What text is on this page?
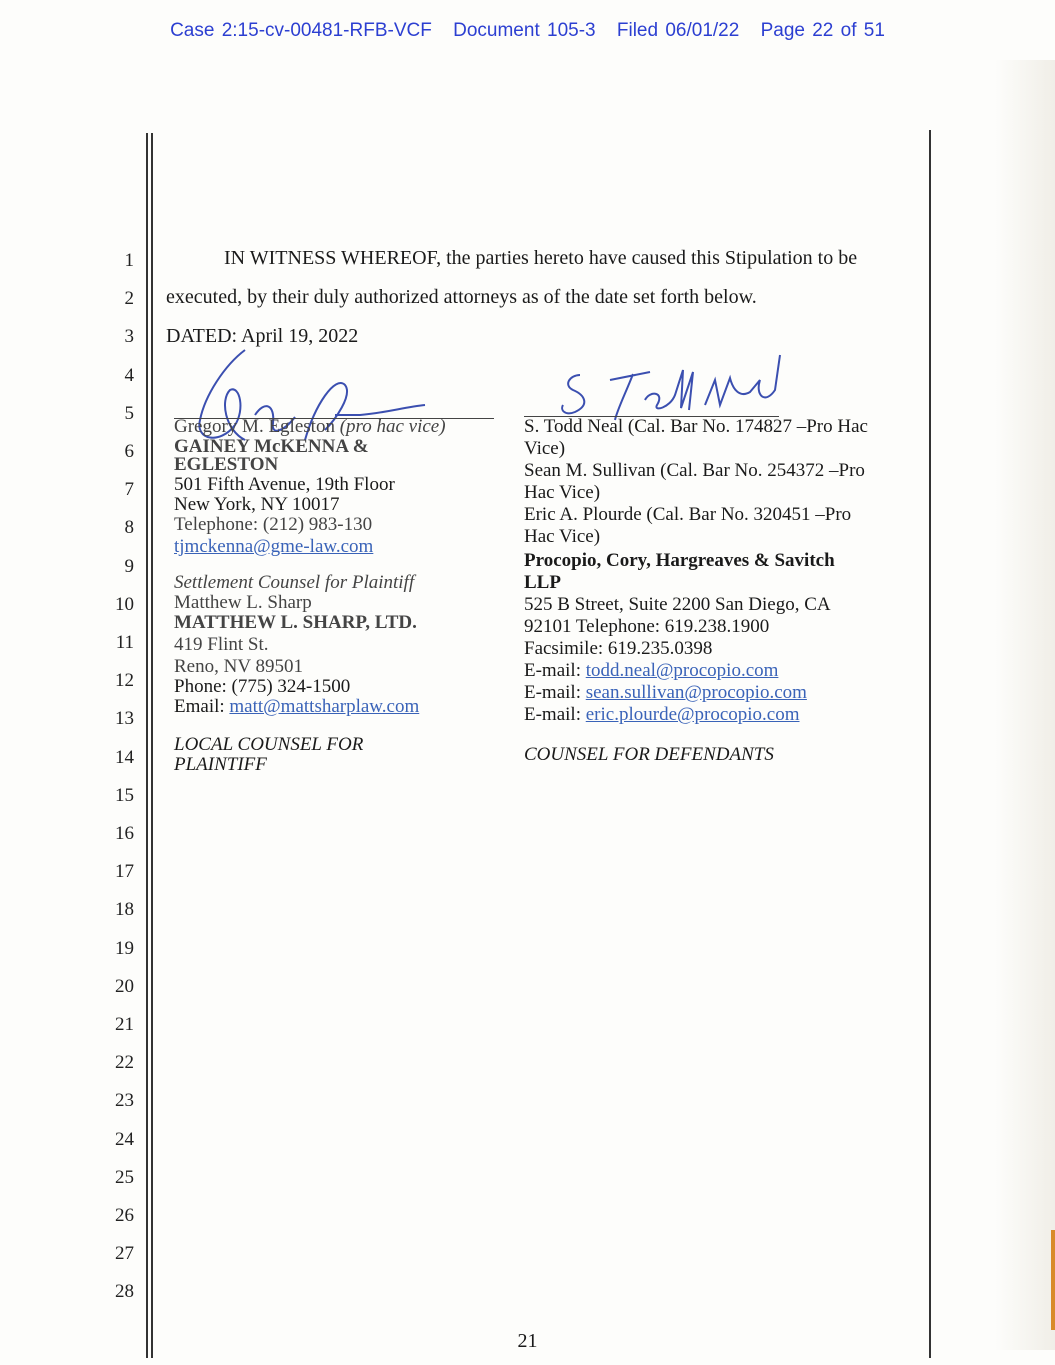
Case 2:15-cv-00481-RFB-VCF Document 105-3 Filed 06/01/22 Page 22 of 51
1
2
3
4
5
6
7
8
9
10
11
12
13
14
15
16
17
18
19
20
21
22
23
24
25
26
27
28
IN WITNESS WHEREOF, the parties hereto have caused this Stipulation to be
executed, by their duly authorized attorneys as of the date set forth below.
DATED: April 19, 2022
Gregory M. Egleston (pro hac vice)
GAINEY McKENNA &
EGLESTON
501 Fifth Avenue, 19th Floor
New York, NY 10017
Telephone: (212) 983-130
tjmckenna@gme-law.com
Settlement Counsel for Plaintiff
Matthew L. Sharp
MATTHEW L. SHARP, LTD.
419 Flint St.
Reno, NV 89501
Phone: (775) 324-1500
Email: matt@mattsharplaw.com
LOCAL COUNSEL FOR
PLAINTIFF
S. Todd Neal (Cal. Bar No. 174827 –Pro Hac
Vice)
Sean M. Sullivan (Cal. Bar No. 254372 –Pro
Hac Vice)
Eric A. Plourde (Cal. Bar No. 320451 –Pro
Hac Vice)
Procopio, Cory, Hargreaves & Savitch
LLP
525 B Street, Suite 2200 San Diego, CA
92101 Telephone: 619.238.1900
Facsimile: 619.235.0398
E-mail: todd.neal@procopio.com
E-mail: sean.sullivan@procopio.com
E-mail: eric.plourde@procopio.com
COUNSEL FOR DEFENDANTS
21
